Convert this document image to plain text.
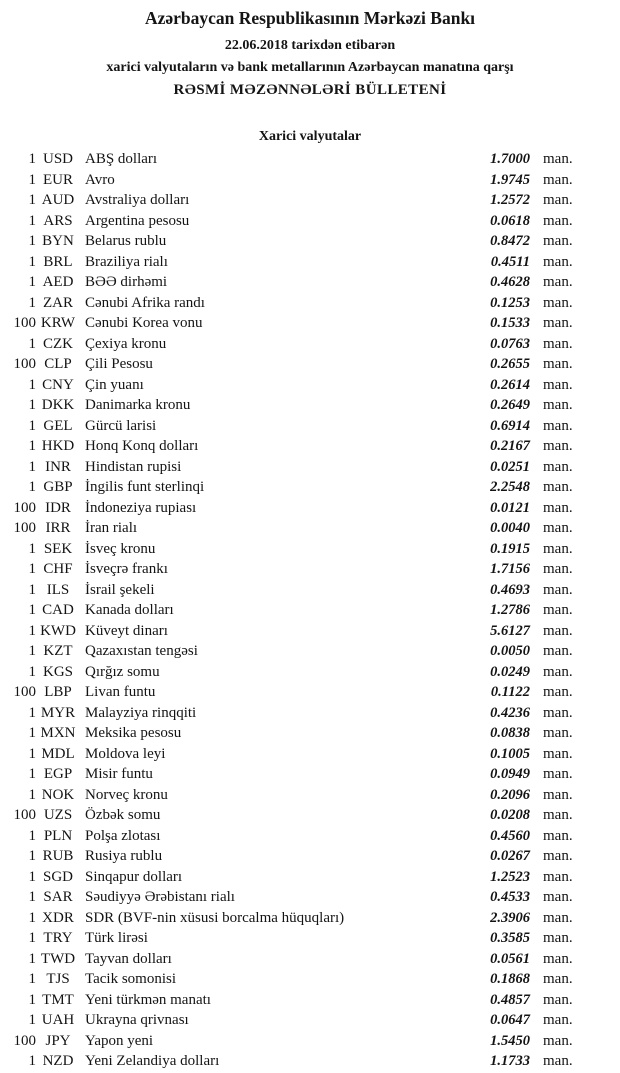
Azərbaycan Respublikasının Mərkəzi Bankı
22.06.2018 tarixdən etibarən
xarici valyutaların və bank metallarının Azərbaycan manatına qarşı
RƏSMİ MƏZƏNNƏLƏRİ BÜLLETENİ
Xarici valyutalar
1 USD ABŞ dolları	1.7000 man.
1 EUR Avro	1.9745 man.
1 AUD Avstraliya dolları	1.2572 man.
1 ARS Argentina pesosu	0.0618 man.
1 BYN Belarus rublu	0.8472 man.
1 BRL Braziliya rialı	0.4511 man.
1 AED BƏƏ dirhəmi	0.4628 man.
1 ZAR Cənubi Afrika randı	0.1253 man.
100 KRW Cənubi Korea vonu	0.1533 man.
1 CZK Çexiya kronu	0.0763 man.
100 CLP Çili Pesosu	0.2655 man.
1 CNY Çin yuanı	0.2614 man.
1 DKK Danimarka kronu	0.2649 man.
1 GEL Gürcü larisi	0.6914 man.
1 HKD Honq Konq dolları	0.2167 man.
1 INR Hindistan rupisi	0.0251 man.
1 GBP İngilis funt sterlinqi	2.2548 man.
100 IDR İndoneziya rupiası	0.0121 man.
100 IRR İran rialı	0.0040 man.
1 SEK İsveç kronu	0.1915 man.
1 CHF İsveçrə frankı	1.7156 man.
1 ILS	İsrail şekeli	0.4693 man.
1 CAD Kanada dolları	1.2786 man.
1 KWD Küveyt dinarı	5.6127 man.
1 KZT Qazaxıstan tengəsi	0.0050 man.
1 KGS Qırğız somu	0.0249 man.
100 LBP Livan funtu	0.1122 man.
1 MYR Malayziya rinqqiti	0.4236 man.
1 MXN Meksika pesosu	0.0838 man.
1 MDL Moldova leyi	0.1005 man.
1 EGP Misir funtu	0.0949 man.
1 NOK Norveç kronu	0.2096 man.
100 UZS Özbək somu	0.0208 man.
1 PLN Polşa zlotası	0.4560 man.
1 RUB Rusiya rublu	0.0267 man.
1 SGD Sinqapur dolları	1.2523 man.
1 SAR Səudiyyə Ərəbistanı rialı	0.4533 man.
1 XDR SDR (BVF-nin xüsusi borcalma hüquqları)	2.3906 man.
1 TRY Türk lirəsi	0.3585 man.
1 TWD Tayvan dolları	0.0561 man.
1 TJS	Tacik somonisi	0.1868 man.
1 TMT Yeni türkmən manatı	0.4857 man.
1 UAH Ukrayna qrivnası	0.0647 man.
100 JPY Yapon yeni	1.5450 man.
1 NZD Yeni Zelandiya dolları	1.1733 man.
